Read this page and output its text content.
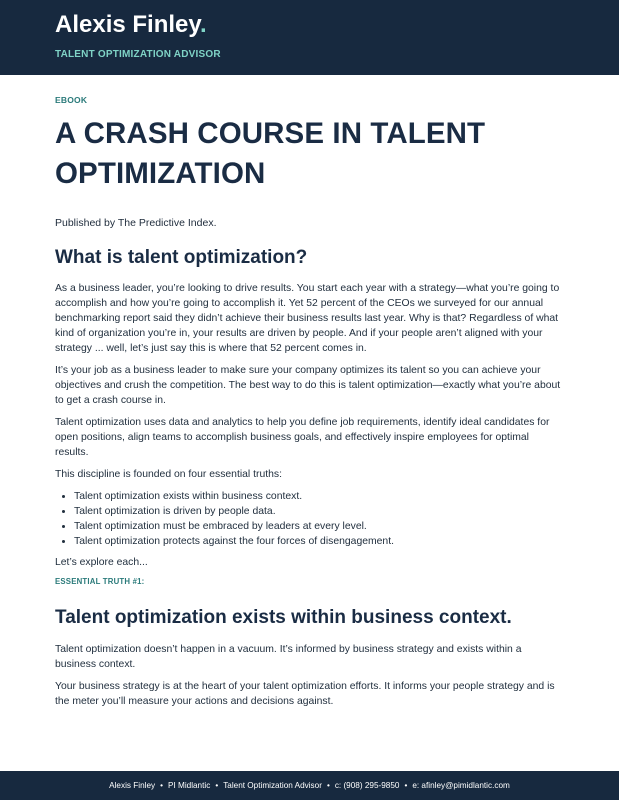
Alexis Finley.
TALENT OPTIMIZATION ADVISOR

EBOOK

A CRASH COURSE IN TALENT OPTIMIZATION

Published by The Predictive Index.

What is talent optimization?

As a business leader, you’re looking to drive results. You start each year with a strategy—what you’re going to accomplish and how you’re going to accomplish it. Yet 52 percent of the CEOs we surveyed for our annual benchmarking report said they didn’t achieve their business results last year. Why is that? Regardless of what kind of organization you’re in, your results are driven by people. And if your people aren’t aligned with your strategy ... well, let’s just say this is where that 52 percent comes in.

It’s your job as a business leader to make sure your company optimizes its talent so you can achieve your objectives and crush the competition. The best way to do this is talent optimization—exactly what you’re about to get a crash course in.

Talent optimization uses data and analytics to help you define job requirements, identify ideal candidates for open positions, align teams to accomplish business goals, and effectively inspire employees for optimal results.

This discipline is founded on four essential truths:

• Talent optimization exists within business context.
• Talent optimization is driven by people data.
• Talent optimization must be embraced by leaders at every level.
• Talent optimization protects against the four forces of disengagement.

Let’s explore each...

ESSENTIAL TRUTH #1:

Talent optimization exists within business context.

Talent optimization doesn’t happen in a vacuum. It’s informed by business strategy and exists within a business context.

Your business strategy is at the heart of your talent optimization efforts. It informs your people strategy and is the meter you’ll measure your actions and decisions against.

Alexis Finley • PI Midlantic • Talent Optimization Advisor • c: (908) 295-9850 • e: afinley@pimidlantic.com
